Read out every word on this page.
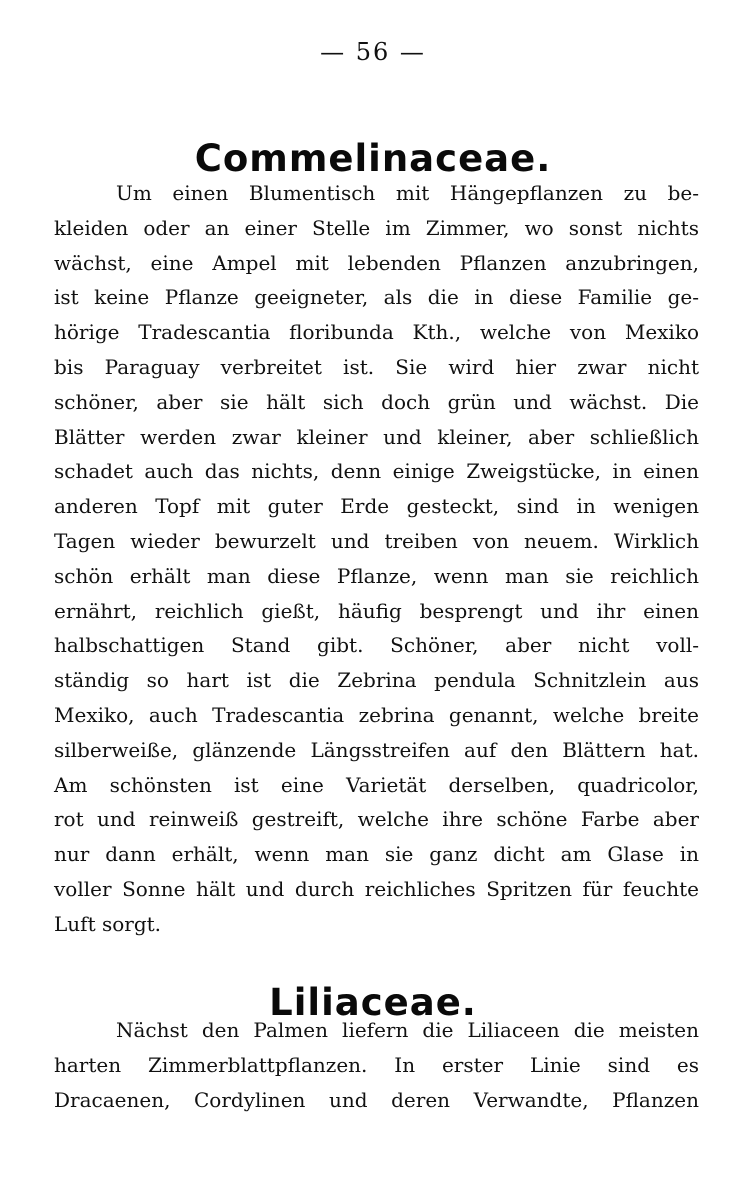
— 56 —
Commelinaceae.

Um einen Blumentisch mit Hängepflanzen zu be-
kleiden oder an einer Stelle im Zimmer, wo sonst nichts
wächst, eine Ampel mit lebenden Pflanzen anzubringen,
ist keine Pflanze geeigneter, als die in diese Familie ge-
hörige Tradescantia floribunda Kth., welche von Mexiko
bis Paraguay verbreitet ist. Sie wird hier zwar nicht
schöner, aber sie hält sich doch grün und wächst. Die
Blätter werden zwar kleiner und kleiner, aber schließlich
schadet auch das nichts, denn einige Zweigstücke, in einen
anderen Topf mit guter Erde gesteckt, sind in wenigen
Tagen wieder bewurzelt und treiben von neuem. Wirklich
schön erhält man diese Pflanze, wenn man sie reichlich
ernährt, reichlich gießt, häufig besprengt und ihr einen
halbschattigen Stand gibt. Schöner, aber nicht voll-
ständig so hart ist die Zebrina pendula Schnitzlein aus
Mexiko, auch Tradescantia zebrina genannt, welche breite
silberweiße, glänzende Längsstreifen auf den Blättern hat.
Am schönsten ist eine Varietät derselben, quadricolor,
rot und reinweiß gestreift, welche ihre schöne Farbe aber
nur dann erhält, wenn man sie ganz dicht am Glase in
voller Sonne hält und durch reichliches Spritzen für feuchte
Luft sorgt.

Liliaceae.

Nächst den Palmen liefern die Liliaceen die meisten
harten Zimmerblattpflanzen. In erster Linie sind es
Dracaenen, Cordylinen und deren Verwandte, Pflanzen
